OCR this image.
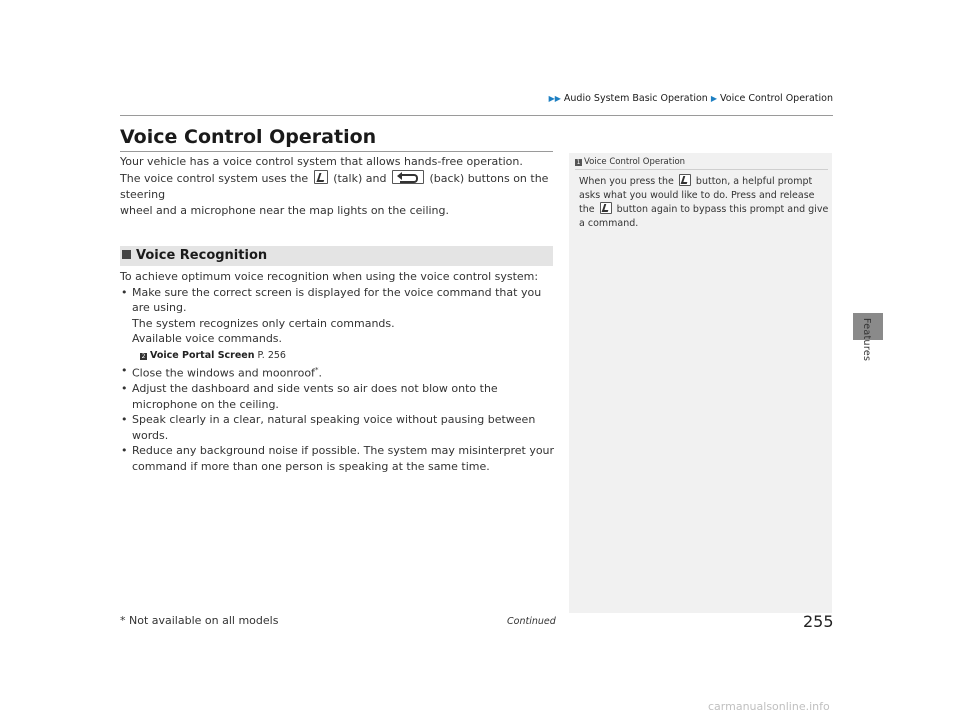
▶▶ Audio System Basic Operation ▶ Voice Control Operation
Features
Voice Control Operation

Your vehicle has a voice control system that allows hands-free operation.

The voice control system uses the (talk) and	(back) buttons on the steering

wheel and a microphone near the map lights on the ceiling.

Voice Recognition

To achieve optimum voice recognition when using the voice control system:

• Make sure the correct screen is displayed for the voice command that you are using.
The system recognizes only certain commands.
Available voice commands.
2 Voice Portal Screen P. 256
• Close the windows and moonroof*.
• Adjust the dashboard and side vents so air does not blow onto the microphone on the ceiling.
• Speak clearly in a clear, natural speaking voice without pausing between words.
• Reduce any background noise if possible. The system may misinterpret your command if more than one person is speaking at the same time.
1 Voice Control Operation
When you press the button, a helpful prompt asks what you would like to do. Press and release the button again to bypass this prompt and give a command.
* Not available on all models	Continued	255
carmanualsonline.info
